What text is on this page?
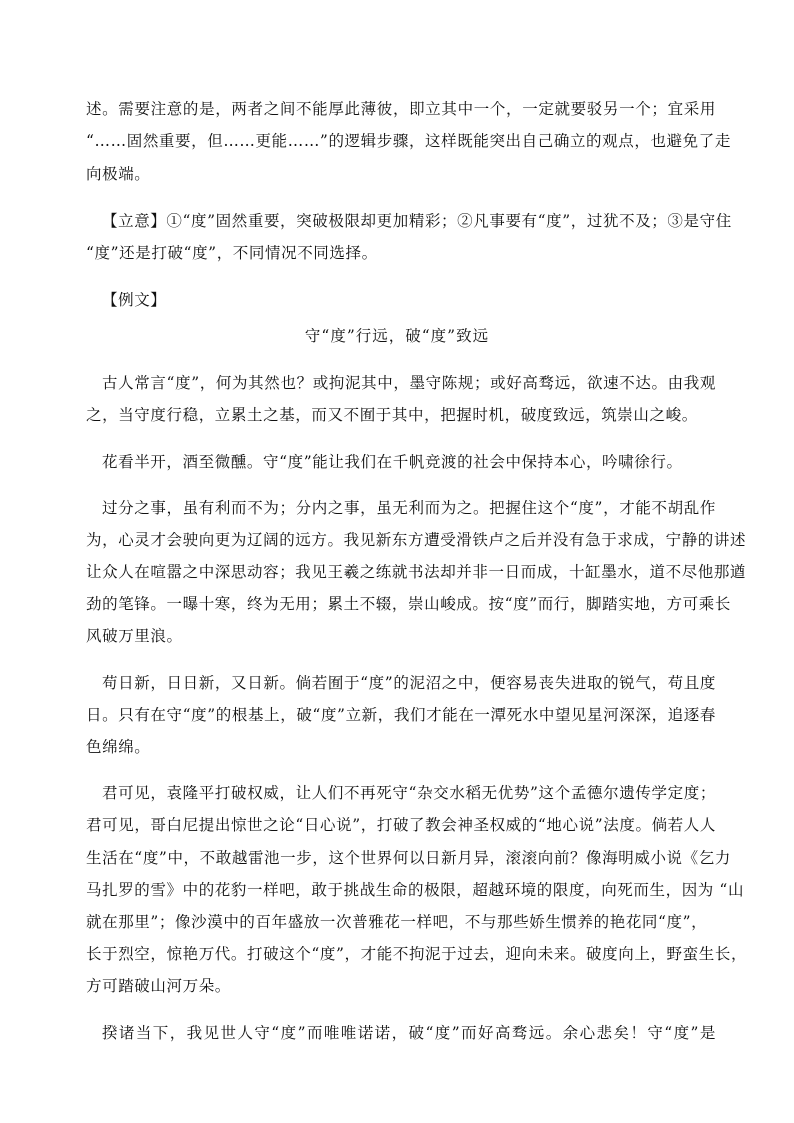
述。需要注意的是，两者之间不能厚此薄彼，即立其中一个，一定就要驳另一个；宜采用
“……固然重要，但……更能……”的逻辑步骤，这样既能突出自己确立的观点，也避免了走
向极端。
【立意】①“度”固然重要，突破极限却更加精彩；②凡事要有“度”，过犹不及；③是守住
“度”还是打破“度”，不同情况不同选择。
【例文】
守“度”行远，破“度”致远
古人常言“度”，何为其然也？或拘泥其中，墨守陈规；或好高骛远，欲速不达。由我观
之，当守度行稳，立累土之基，而又不囿于其中，把握时机，破度致远，筑崇山之峻。
花看半开，酒至微醺。守“度”能让我们在千帆竞渡的社会中保持本心，吟啸徐行。
过分之事，虽有利而不为；分内之事，虽无利而为之。把握住这个“度”，才能不胡乱作
为，心灵才会驶向更为辽阔的远方。我见新东方遭受滑铁卢之后并没有急于求成，宁静的讲述
让众人在喧嚣之中深思动容；我见王羲之练就书法却并非一日而成，十缸墨水，道不尽他那遒
劲的笔锋。一曝十寒，终为无用；累土不辍，崇山峻成。按“度”而行，脚踏实地，方可乘长
风破万里浪。
苟日新，日日新，又日新。倘若囿于“度”的泥沼之中，便容易丧失进取的锐气，苟且度
日。只有在守“度”的根基上，破“度”立新，我们才能在一潭死水中望见星河深深，追逐春
色绵绵。
君可见，袁隆平打破权威，让人们不再死守“杂交水稻无优势”这个孟德尔遗传学定度；
君可见，哥白尼提出惊世之论“日心说”，打破了教会神圣权威的“地心说”法度。倘若人人
生活在“度”中，不敢越雷池一步，这个世界何以日新月异，滚滚向前？像海明威小说《乞力
马扎罗的雪》中的花豹一样吧，敢于挑战生命的极限，超越环境的限度，向死而生，因为 “山
就在那里”；像沙漠中的百年盛放一次普雅花一样吧，不与那些娇生惯养的艳花同“度”，
长于烈空，惊艳万代。打破这个“度”，才能不拘泥于过去，迎向未来。破度向上，野蛮生长，
方可踏破山河万朵。
揆诸当下，我见世人守“度”而唯唯诺诺，破“度”而好高骛远。余心悲矣！守“度”是
